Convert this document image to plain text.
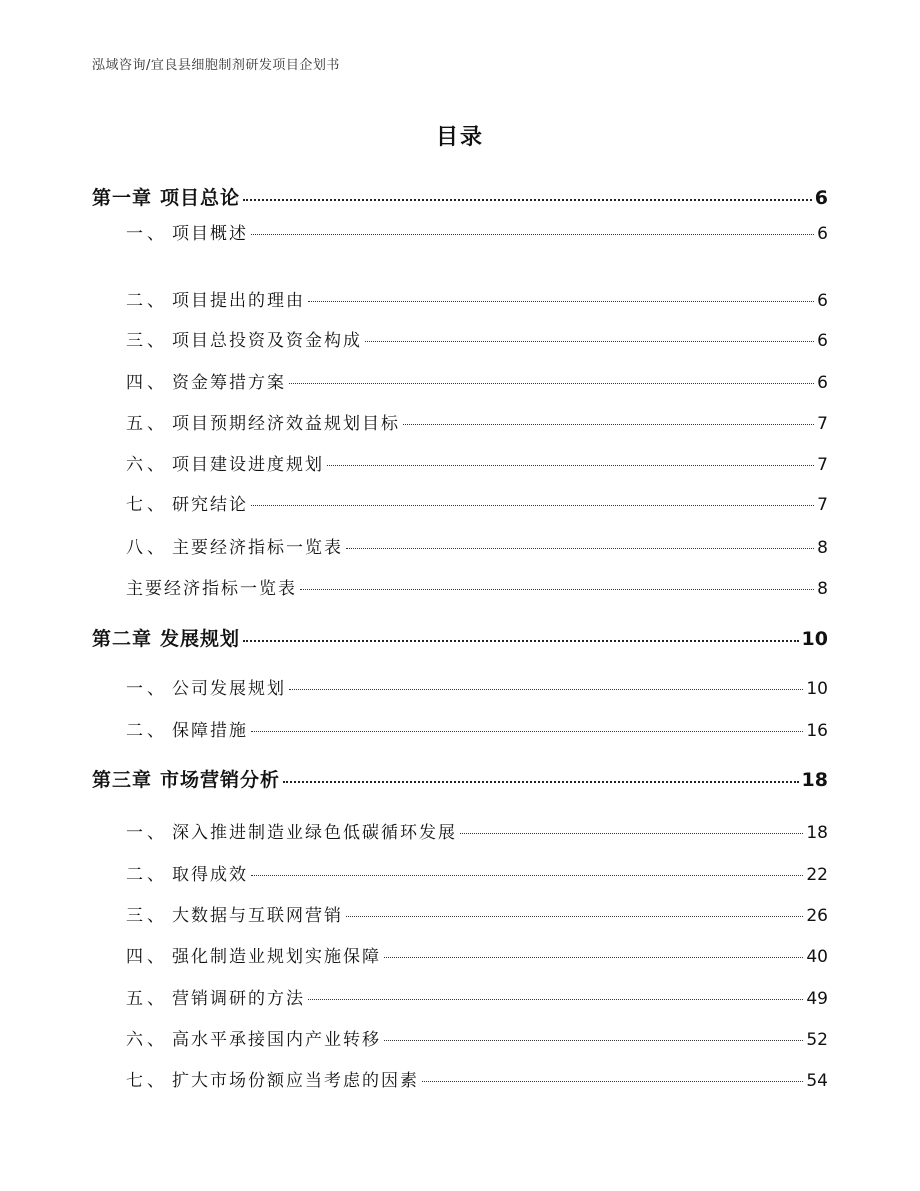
泓域咨询/宜良县细胞制剂研发项目企划书
目录
第一章 项目总论	6
一、 项目概述	6
二、 项目提出的理由	6
三、 项目总投资及资金构成	6
四、 资金筹措方案	6
五、 项目预期经济效益规划目标	7
六、 项目建设进度规划	7
七、 研究结论	7
八、 主要经济指标一览表	8
主要经济指标一览表	8
第二章 发展规划	10
一、 公司发展规划	10
二、 保障措施	16
第三章 市场营销分析	18
一、 深入推进制造业绿色低碳循环发展	18
二、 取得成效	22
三、 大数据与互联网营销	26
四、 强化制造业规划实施保障	40
五、 营销调研的方法	49
六、 高水平承接国内产业转移	52
七、 扩大市场份额应当考虑的因素	54
